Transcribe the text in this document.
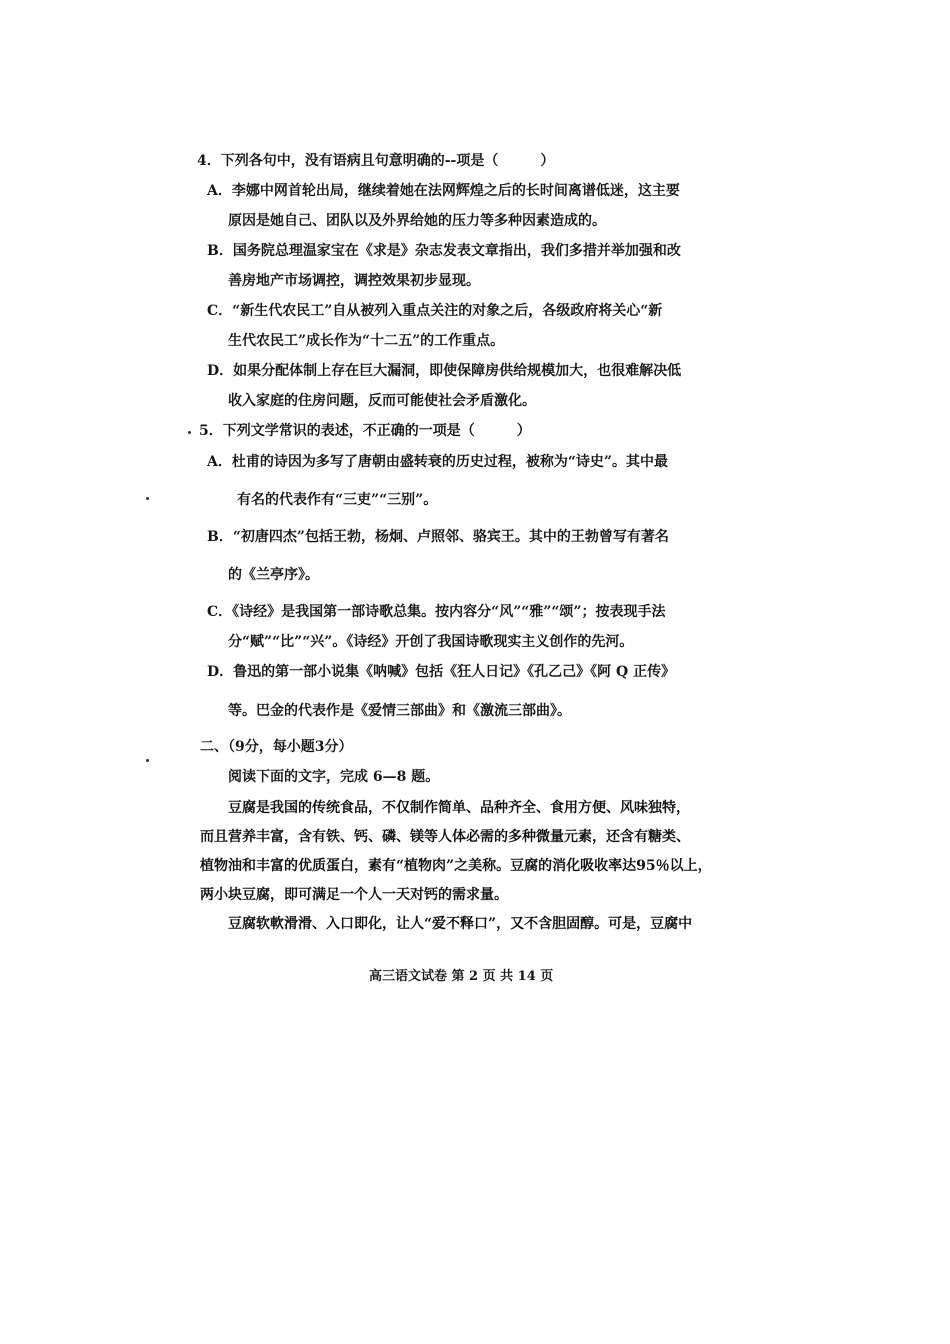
4．下列各句中，没有语病且句意明确的--项是（　　　）

A．李娜中网首轮出局，继续着她在法网辉煌之后的长时间离谱低迷，这主要

原因是她自己、团队以及外界给她的压力等多种因素造成的。

B．国务院总理温家宝在《求是》杂志发表文章指出，我们多措并举加强和改

善房地产市场调控，调控效果初步显现。

C．“新生代农民工”自从被列入重点关注的对象之后，各级政府将关心“新

生代农民工”成长作为“十二五”的工作重点。

D．如果分配体制上存在巨大漏洞，即使保障房供给规模加大，也很难解决低

收入家庭的住房问题，反而可能使社会矛盾激化。

5．下列文学常识的表述，不正确的一项是（　　　）

A．杜甫的诗因为多写了唐朝由盛转衰的历史过程，被称为“诗史”。其中最

有名的代表作有“三吏”“三别”。

B．“初唐四杰”包括王勃，杨炯、卢照邻、骆宾王。其中的王勃曾写有著名

的《兰亭序》。

C．《诗经》是我国第一部诗歌总集。按内容分“风”“雅”“颂”；按表现手法

分“赋”“比”“兴”。《诗经》开创了我国诗歌现实主义创作的先河。

D．鲁迅的第一部小说集《呐喊》包括《狂人日记》《孔乙己》《阿 Q 正传》

等。巴金的代表作是《爱情三部曲》和《激流三部曲》。

二、（9分，每小题3分）

阅读下面的文字，完成 6—8 题。

豆腐是我国的传统食品，不仅制作简单、品种齐全、食用方便、风味独特，

而且营养丰富，含有铁、钙、磷、镁等人体必需的多种微量元素，还含有糖类、

植物油和丰富的优质蛋白，素有“植物肉”之美称。豆腐的消化吸收率达95％以上，

两小块豆腐，即可满足一个人一天对钙的需求量。

豆腐软軟滑滑、入口即化，让人“爱不释口”，又不含胆固醇。可是，豆腐中

高三语文试卷 第 2 页 共 14 页
